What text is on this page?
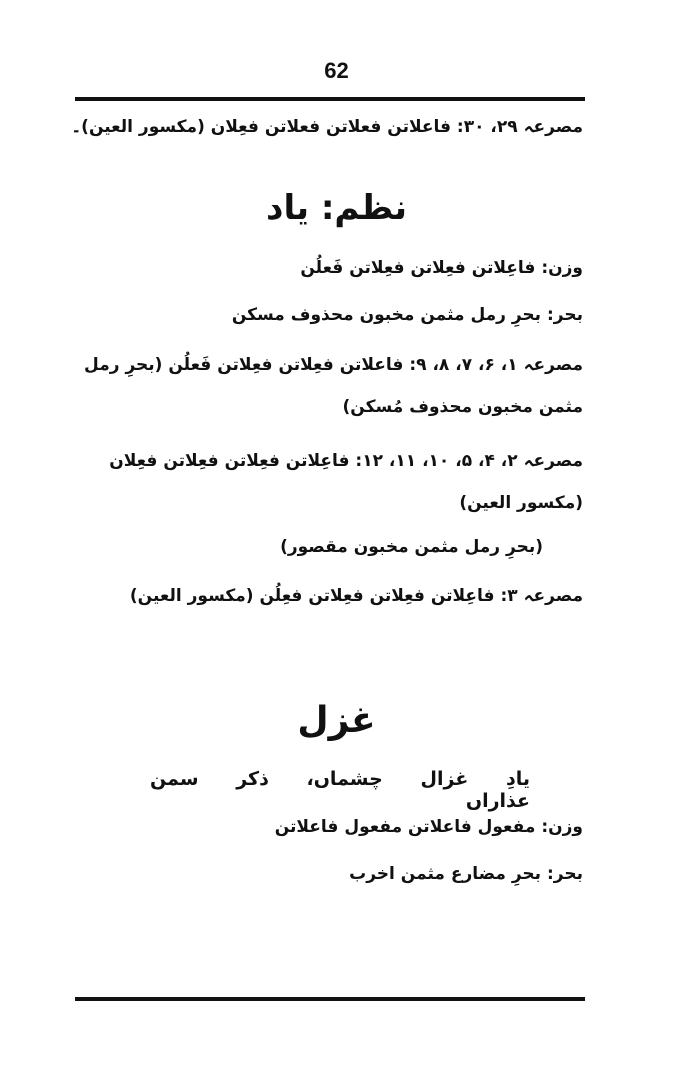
62
مصرعہ ۲۹، ۳۰: فاعلاتن فعلاتن فعلاتن فعِلان (مکسور العین)۔
نظم: یاد
وزن: فاعِلاتن فعِلاتن فعِلاتن فَعلُن
بحر: بحرِ رمل مثمن مخبون محذوف مسکن
مصرعہ ۱، ۶، ۷، ۸، ۹: فاعلاتن فعِلاتن فعِلاتن فَعلُن (بحرِ رمل مثمن مخبون محذوف مُسکن)
مصرعہ ۲، ۴، ۵، ۱۰، ۱۱، ۱۲: فاعِلاتن فعِلاتن فعِلاتن فعِلان (مکسور العین)
(بحرِ رمل مثمن مخبون مقصور)
مصرعہ ۳: فاعِلاتن فعِلاتن فعِلاتن فعِلُن (مکسور العین)
غزل
یادِ غزال چشماں، ذکر سمن عذاراں
وزن: مفعول فاعلاتن مفعول فاعلاتن
بحر: بحرِ مضارع مثمن اخرب
